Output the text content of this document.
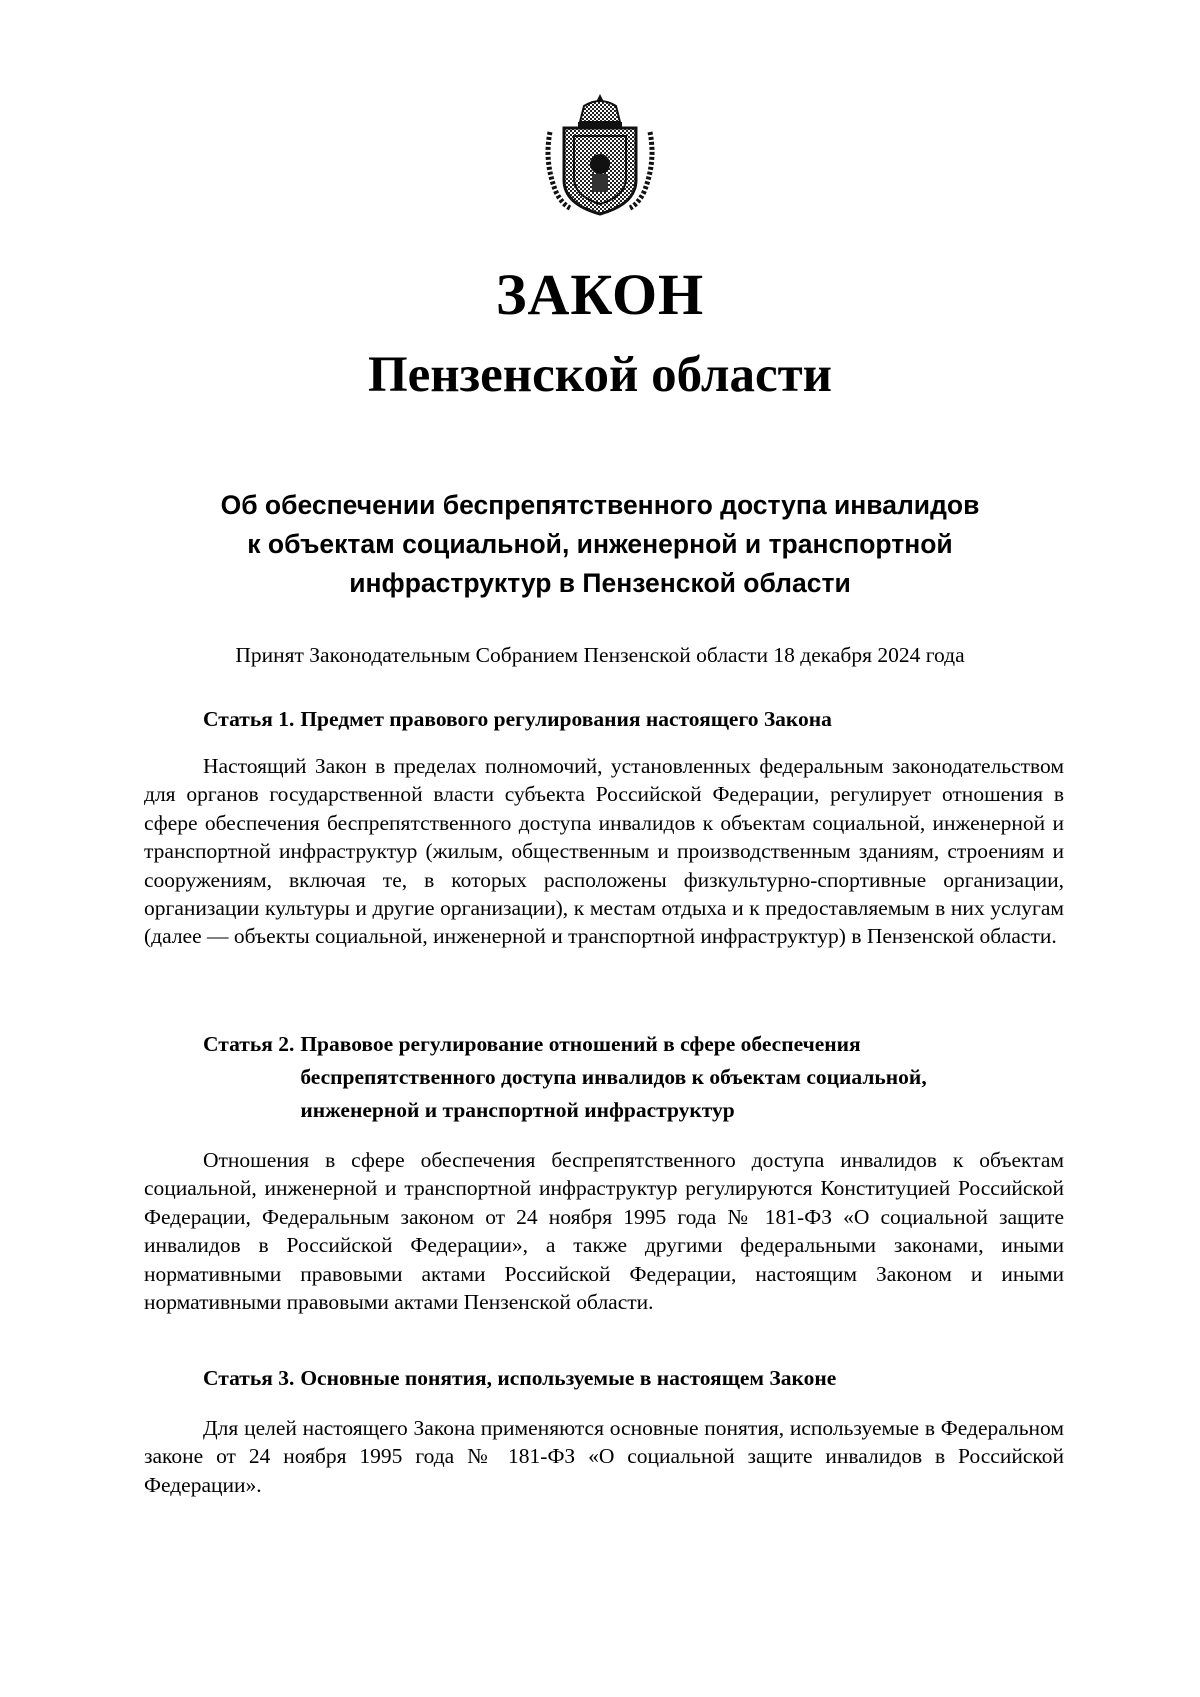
ЗАКОН
Пензенской области
Об обеспечении беспрепятственного доступа инвалидов
к объектам социальной, инженерной и транспортной
инфраструктур в Пензенской области
Принят Законодательным Собранием Пензенской области 18 декабря 2024 года
Статья 1. Предмет правового регулирования настоящего Закона

Настоящий Закон в пределах полномочий, установленных федеральным законодательством для органов государственной власти субъекта Российской Федерации, регулирует отношения в сфере обеспечения беспрепятственного доступа инвалидов к объектам социальной, инженерной и транспортной инфраструктур (жилым, общественным и производственным зданиям, строениям и сооружениям, включая те, в которых расположены физкультурно-спортивные организации, организации культуры и другие организации), к местам отдыха и к предоставляемым в них услугам (далее — объекты социальной, инженерной и транспортной инфраструктур) в Пензенской области.

Статья 2. Правовое регулирование отношений в сфере обеспечения
беспрепятственного доступа инвалидов к объектам социальной,
инженерной и транспортной инфраструктур

Отношения в сфере обеспечения беспрепятственного доступа инвалидов к объектам социальной, инженерной и транспортной инфраструктур регулируются Конституцией Российской Федерации, Федеральным законом от 24 ноября 1995 года № 181-ФЗ «О социальной защите инвалидов в Российской Федерации», а также другими федеральными законами, иными нормативными правовыми актами Российской Федерации, настоящим Законом и иными нормативными правовыми актами Пензенской области.

Статья 3. Основные понятия, используемые в настоящем Законе

Для целей настоящего Закона применяются основные понятия, используемые в Федеральном законе от 24 ноября 1995 года № 181-ФЗ «О социальной защите инвалидов в Российской Федерации».
